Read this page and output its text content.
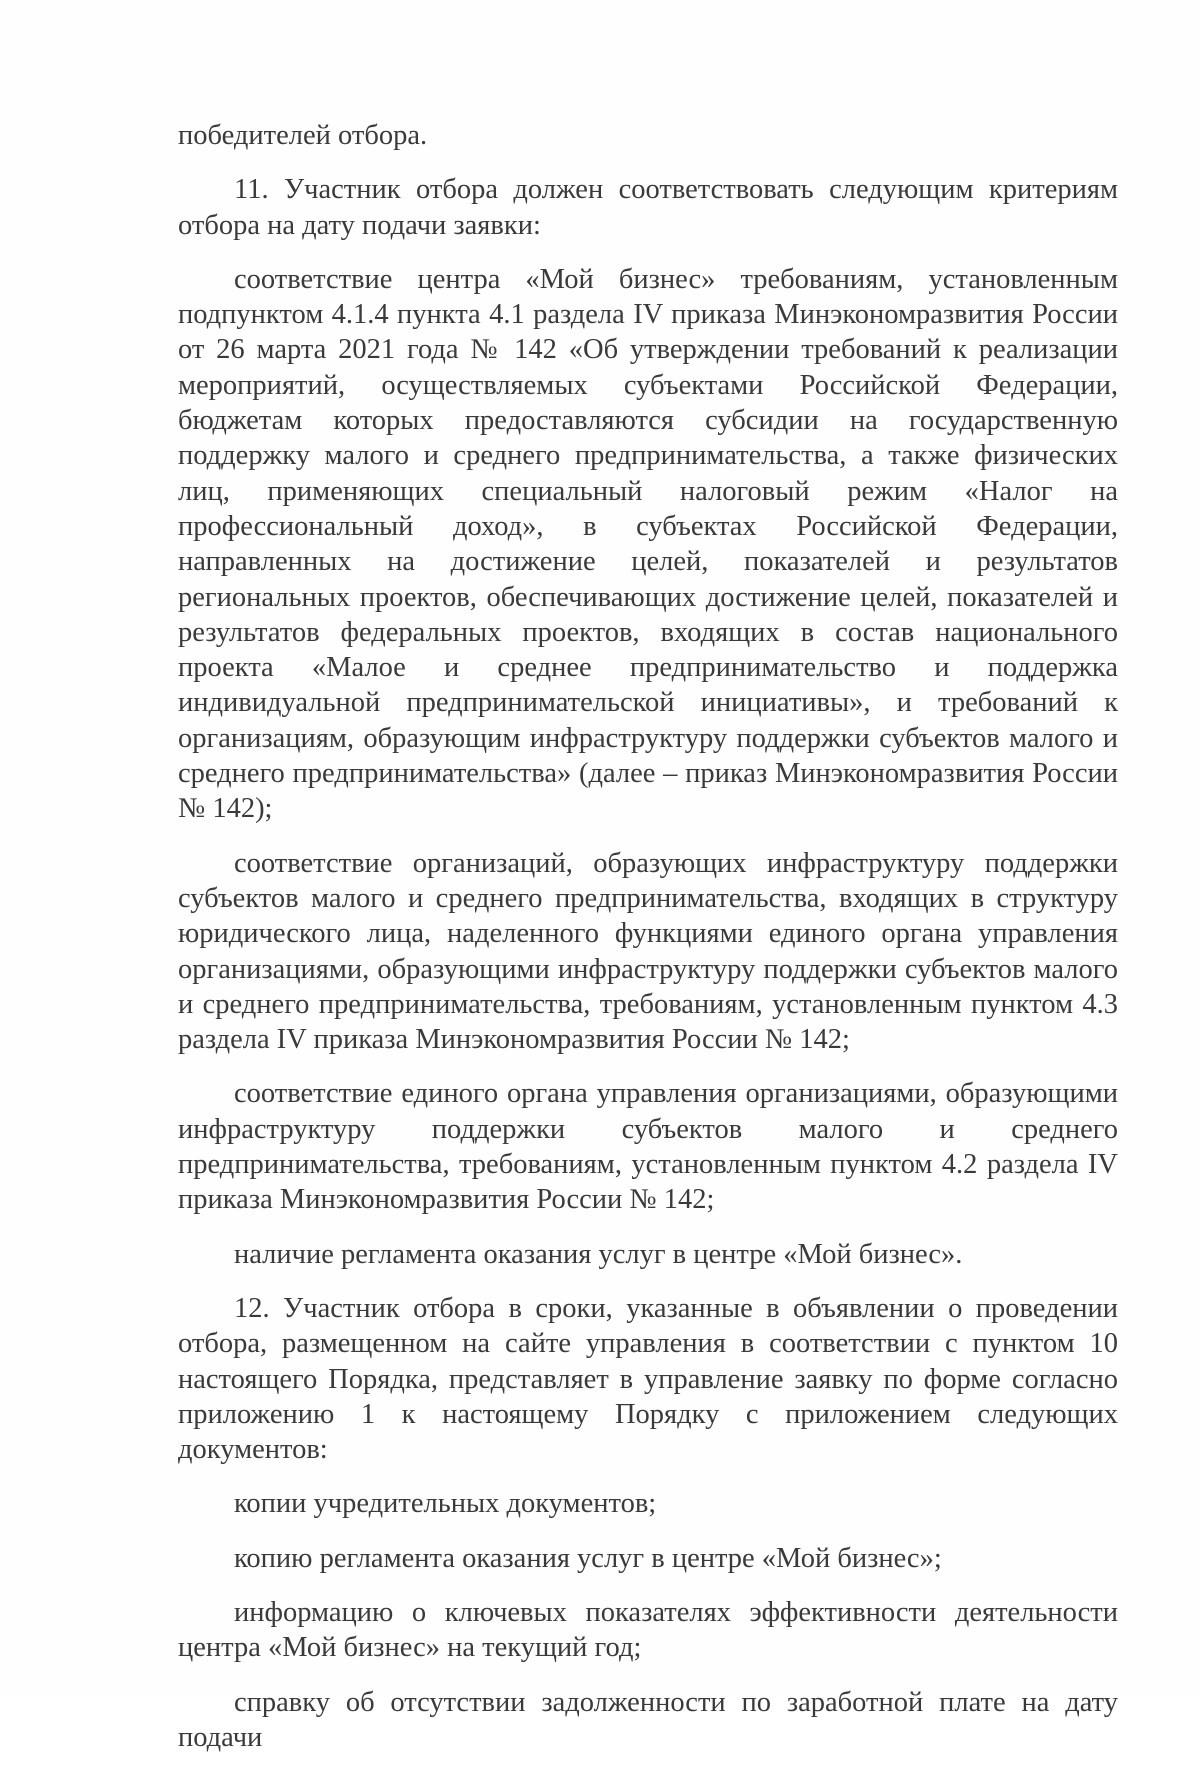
победителей отбора.

11. Участник отбора должен соответствовать следующим критериям отбора на дату подачи заявки:

соответствие центра «Мой бизнес» требованиям, установленным подпунктом 4.1.4 пункта 4.1 раздела IV приказа Минэкономразвития России от 26 марта 2021 года № 142 «Об утверждении требований к реализации мероприятий, осуществляемых субъектами Российской Федерации, бюджетам которых предоставляются субсидии на государственную поддержку малого и среднего предпринимательства, а также физических лиц, применяющих специальный налоговый режим «Налог на профессиональный доход», в субъектах Российской Федерации, направленных на достижение целей, показателей и результатов региональных проектов, обеспечивающих достижение целей, показателей и результатов федеральных проектов, входящих в состав национального проекта «Малое и среднее предпринимательство и поддержка индивидуальной предпринимательской инициативы», и требований к организациям, образующим инфраструктуру поддержки субъектов малого и среднего предпринимательства» (далее – приказ Минэкономразвития России № 142);

соответствие организаций, образующих инфраструктуру поддержки субъектов малого и среднего предпринимательства, входящих в структуру юридического лица, наделенного функциями единого органа управления организациями, образующими инфраструктуру поддержки субъектов малого и среднего предпринимательства, требованиям, установленным пунктом 4.3 раздела IV приказа Минэкономразвития России № 142;

соответствие единого органа управления организациями, образующими инфраструктуру поддержки субъектов малого и среднего предпринимательства, требованиям, установленным пунктом 4.2 раздела IV приказа Минэкономразвития России № 142;

наличие регламента оказания услуг в центре «Мой бизнес».

12. Участник отбора в сроки, указанные в объявлении о проведении отбора, размещенном на сайте управления в соответствии с пунктом 10 настоящего Порядка, представляет в управление заявку по форме согласно приложению 1 к настоящему Порядку с приложением следующих документов:

копии учредительных документов;

копию регламента оказания услуг в центре «Мой бизнес»;

информацию о ключевых показателях эффективности деятельности центра «Мой бизнес» на текущий год;

справку об отсутствии задолженности по заработной плате на дату подачи
